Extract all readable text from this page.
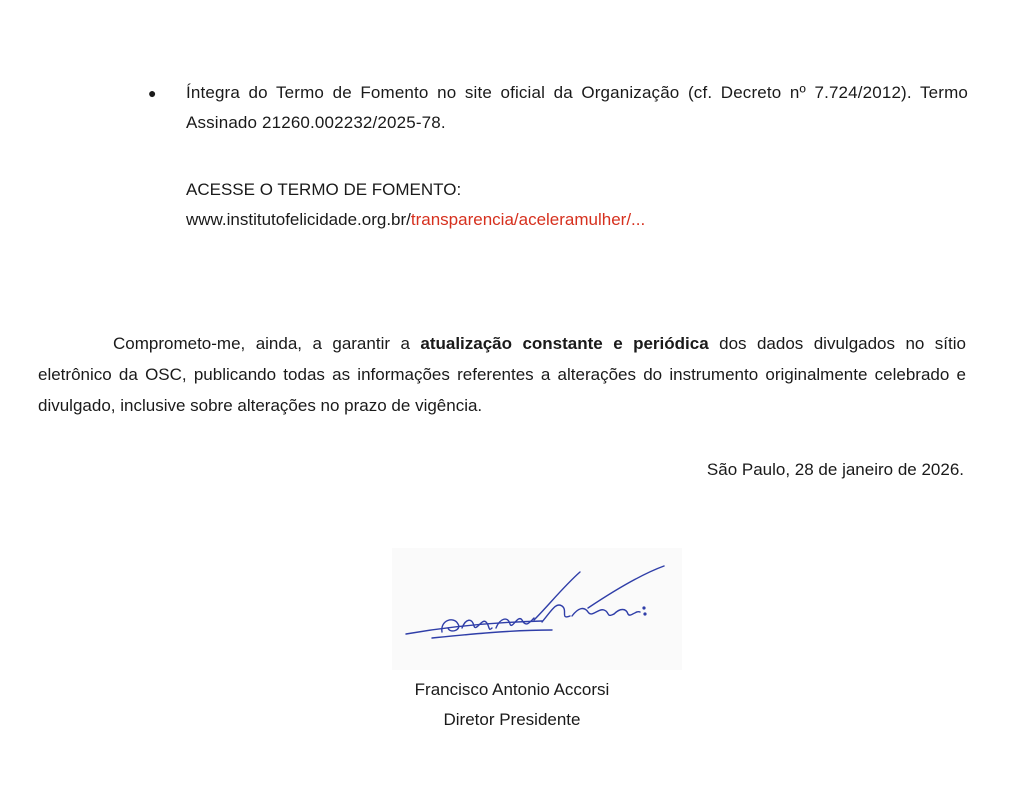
●	Íntegra do Termo de Fomento no site oficial da Organização (cf. Decreto nº 7.724/2012). Termo Assinado 21260.002232/2025-78.
ACESSE O TERMO DE FOMENTO:
www.institutofelicidade.org.br/transparencia/aceleramulher/...
Comprometo-me, ainda, a garantir a atualização constante e periódica dos dados divulgados no sítio eletrônico da OSC, publicando todas as informações referentes a alterações do instrumento originalmente celebrado e divulgado, inclusive sobre alterações no prazo de vigência.
São Paulo, 28 de janeiro de 2026.
Francisco Antonio Accorsi
Diretor Presidente
